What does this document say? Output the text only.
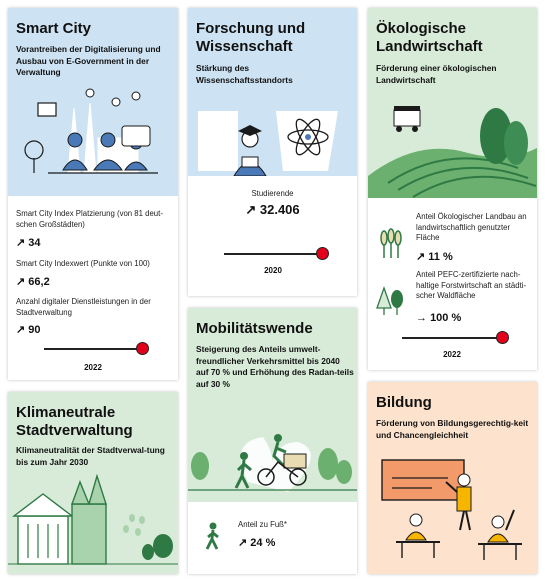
Smart City
Vorantreiben der Digitalisierung und Ausbau von E-Government in der Verwaltung
Smart City Index Platzierung (von 81 deut-schen Großstädten)
↗ 34
Smart City Indexwert (Punkte von 100)
↗ 66,2
Anzahl digitaler Dienstleistungen in der Stadtverwaltung
↗ 90
2022
Forschung und Wissenschaft
Stärkung des Wissenschaftsstandorts
Studierende
↗ 32.406
2020
Ökologische Landwirtschaft
Förderung einer ökologischen Landwirtschaft
Anteil Ökologischer Landbau an landwirtschaftlich genutzter Fläche
↗ 11 %
Anteil PEFC-zertifizierte nach-haltige Forstwirtschaft an städti-scher Waldfläche
→ 100 %
2022
Mobilitätswende
Steigerung des Anteils umwelt-freundlicher Verkehrsmittel bis 2040 auf 70 % und Erhöhung des Radan-teils auf 30 %
Anteil zu Fuß*
↗ 24 %
Klimaneutrale Stadtverwaltung
Klimaneutralität der Stadtverwal-tung bis zum Jahr 2030
Bildung
Förderung von Bildungsgerechtig-keit und Chancengleichheit
